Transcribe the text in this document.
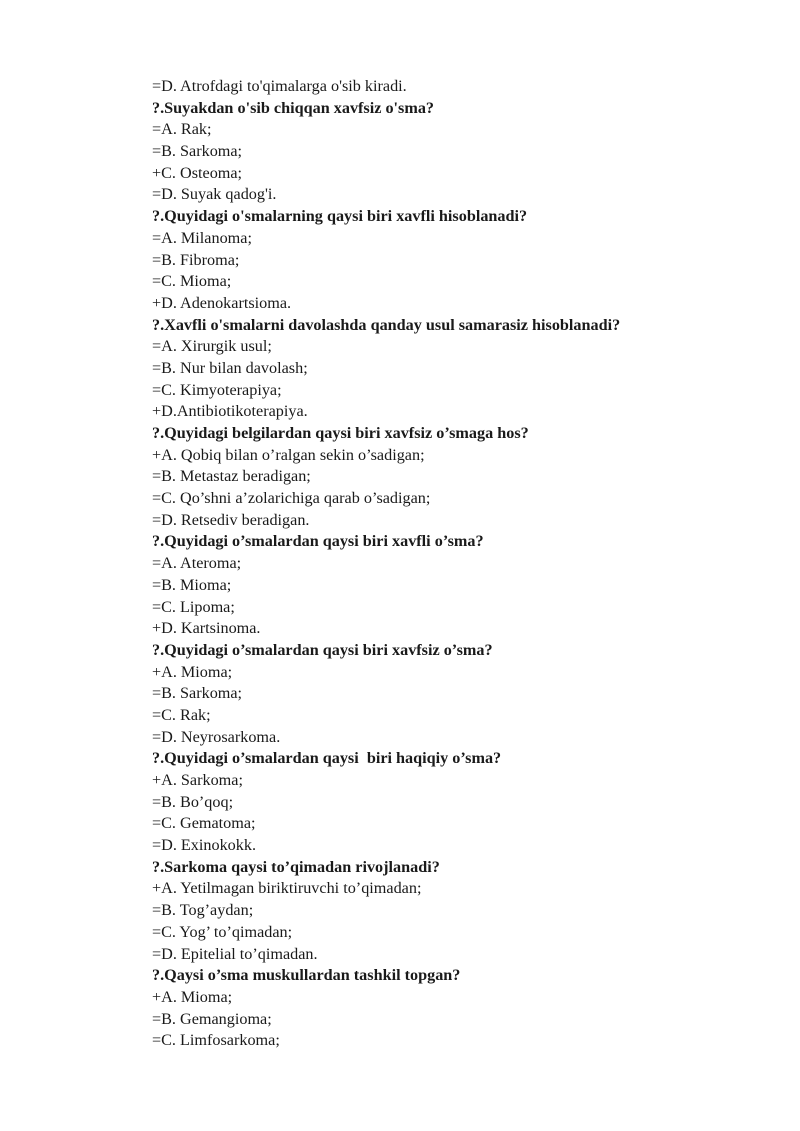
=D. Atrofdagi to'qimalarga o'sib kiradi.
?.Suyakdan o'sib chiqqan xavfsiz o'sma?
=A. Rak;
=B. Sarkoma;
+C. Osteoma;
=D. Suyak qadog'i.
?.Quyidagi o'smalarning qaysi biri xavfli hisoblanadi?
=A. Milanoma;
=B. Fibroma;
=C. Mioma;
+D. Adenokartsioma.
?.Xavfli o'smalarni davolashda qanday usul samarasiz hisoblanadi?
=A. Xirurgik usul;
=B. Nur bilan davolash;
=C. Kimyoterapiya;
+D.Antibiotikoterapiya.
?.Quyidagi belgilardan qaysi biri xavfsiz o’smaga hos?
+A. Qobiq bilan o’ralgan sekin o’sadigan;
=B. Metastaz beradigan;
=C. Qo’shni a’zolarichiga qarab o’sadigan;
=D. Retsediv beradigan.
?.Quyidagi o’smalardan qaysi biri xavfli o’sma?
=A. Ateroma;
=B. Mioma;
=C. Lipoma;
+D. Kartsinoma.
?.Quyidagi o’smalardan qaysi biri xavfsiz o’sma?
+A. Mioma;
=B. Sarkoma;
=C. Rak;
=D. Neyrosarkoma.
?.Quyidagi o’smalardan qaysi  biri haqiqiy o’sma?
+A. Sarkoma;
=B. Bo’qoq;
=C. Gematoma;
=D. Exinokokk.
?.Sarkoma qaysi to’qimadan rivojlanadi?
+A. Yetilmagan biriktiruvchi to’qimadan;
=B. Tog’aydan;
=C. Yog’ to’qimadan;
=D. Epitelial to’qimadan.
?.Qaysi o’sma muskullardan tashkil topgan?
+A. Mioma;
=B. Gemangioma;
=C. Limfosarkoma;
